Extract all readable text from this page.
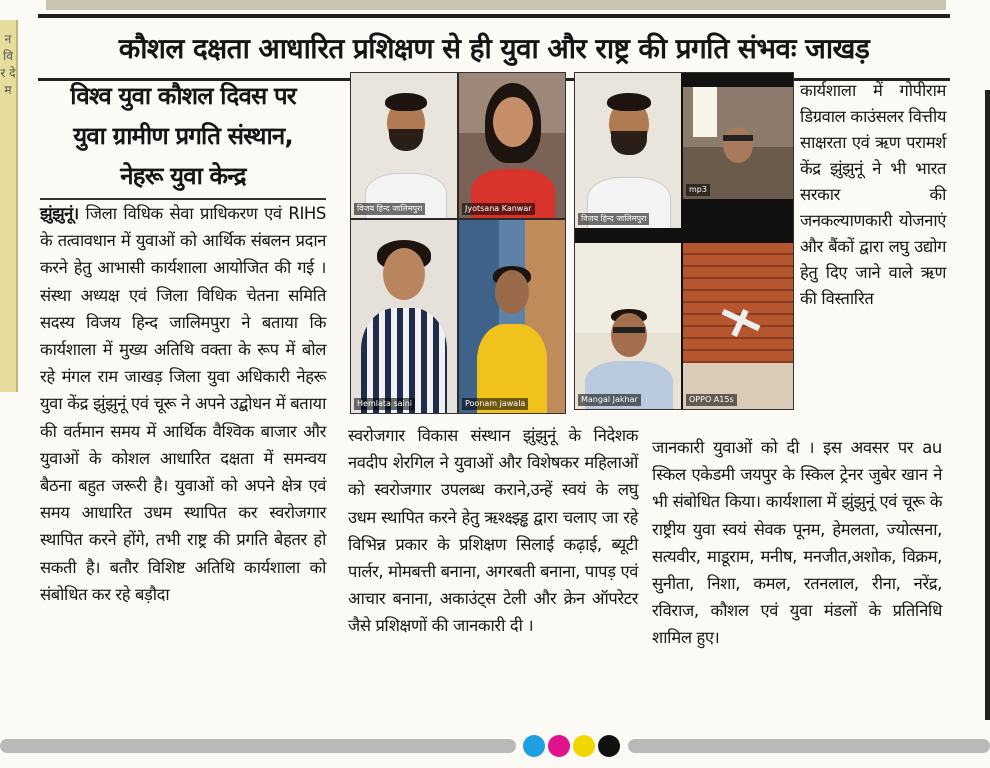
न वि र दे म
कौशल दक्षता आधारित प्रशिक्षण से ही युवा और राष्ट्र की प्रगति संभवः जाखड़
विश्व युवा कौशल दिवस पर
युवा ग्रामीण प्रगति संस्थान,
नेहरू युवा केन्द्र
झुंझुनूं। जिला विधिक सेवा प्राधिकरण एवं RIHS के तत्वावधान में युवाओं को आर्थिक संबलन प्रदान करने हेतु आभासी कार्यशाला आयोजित की गई । संस्था अध्यक्ष एवं जिला विधिक चेतना समिति सदस्य विजय हिन्द जालिमपुरा ने बताया कि कार्यशाला में मुख्य अतिथि वक्ता के रूप में बोल रहे मंगल राम जाखड़ जिला युवा अधिकारी नेहरू युवा केंद्र झुंझुनूं एवं चूरू ने अपने उद्बोधन में बताया की वर्तमान समय में आर्थिक वैश्विक बाजार और युवाओं के कोशल आधारित दक्षता में समन्वय बैठना बहुत जरूरी है। युवाओं को अपने क्षेत्र एवं समय आधारित उधम स्थापित कर स्वरोजगार स्थापित करने होंगे, तभी राष्ट्र की प्रगति बेहतर हो सकती है। बतौर विशिष्ट अतिथि कार्यशाला को संबोधित कर रहे बड़ौदा
विजय हिन्द जालिमपुरा	Jyotsana Kanwar
Hemlata saini	Poonam jawala
विजय हिन्द जालिमपुरा
mp3
Mangal Jakhar	OPPO A15s
कार्यशाला में गोपीराम डिग्रवाल काउंसलर वित्तीय साक्षरता एवं ऋण परामर्श केंद्र झुंझुनूं ने भी भारत सरकार की जनकल्याणकारी योजनाएं और बैंकों द्वारा लघु उद्योग हेतु दिए जाने वाले ऋण की विस्तारित
स्वरोजगार विकास संस्थान झुंझुनूं के निदेशक नवदीप शेरगिल ने युवाओं और विशेषकर महिलाओं को स्वरोजगार उपलब्ध कराने,उन्हें स्वयं के लघु उधम स्थापित करने हेतु ऋश्क्ष्झ्ड्ढ द्वारा चलाए जा रहे विभिन्न प्रकार के प्रशिक्षण सिलाई कढ़ाई, ब्यूटी पार्लर, मोमबत्ती बनाना, अगरबती बनाना, पापड़ एवं आचार बनाना, अकाउंट्स टेली और क्रेन ऑपरेटर जैसे प्रशिक्षणों की जानकारी दी ।
जानकारी युवाओं को दी । इस अवसर पर au स्किल एकेडमी जयपुर के स्किल ट्रेनर जुबेर खान ने भी संबोधित किया। कार्यशाला में झुंझुनूं एवं चूरू के राष्ट्रीय युवा स्वयं सेवक पूनम, हेमलता, ज्योत्सना, सत्यवीर, माडूराम, मनीष, मनजीत,अशोक, विक्रम, सुनीता, निशा, कमल, रतनलाल, रीना, नरेंद्र, रविराज, कौशल एवं युवा मंडलों के प्रतिनिधि शामिल हुए।
